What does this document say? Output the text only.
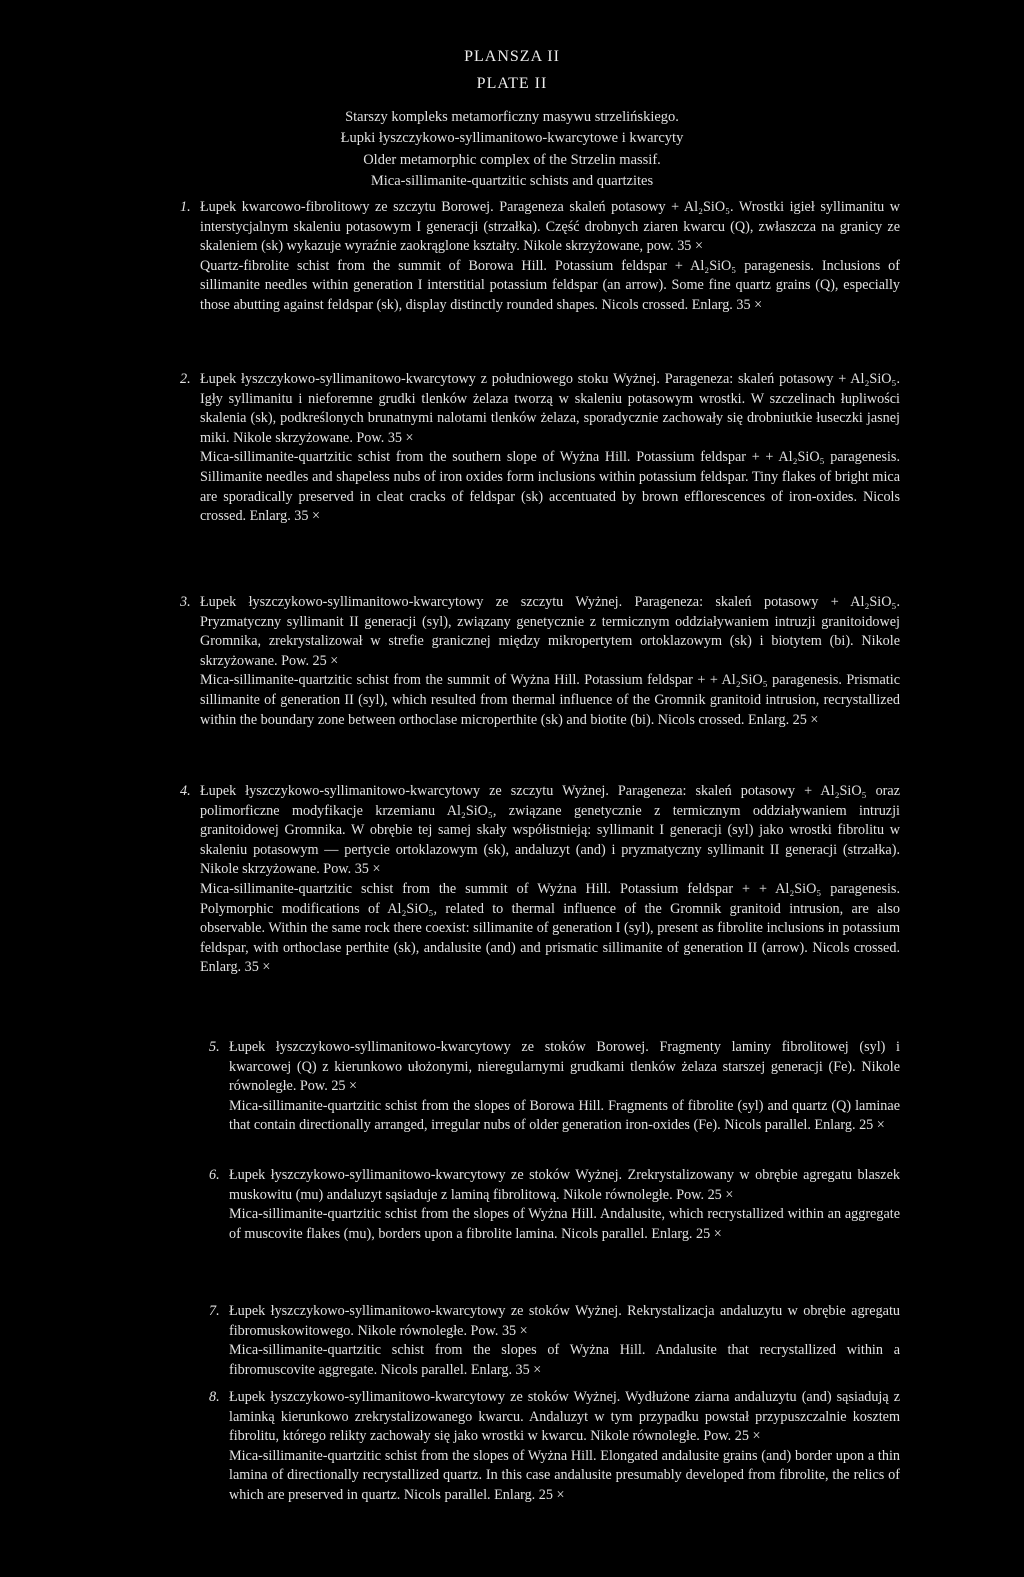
PLANSZA II
PLATE II
Starszy kompleks metamorficzny masywu strzelińskiego.
Łupki łyszczykowo-syllimanitowo-kwarcytowe i kwarcyty
Older metamorphic complex of the Strzelin massif.
Mica-sillimanite-quartzitic schists and quartzites
1. Łupek kwarcowo-fibrolitowy ze szczytu Borowej. Parageneza skaleń potasowy + Al₂SiO₅. Wrostki igieł syllimanitu w interstycjalnym skaleniu potasowym I generacji (strzałka). Część drobnych ziaren kwarcu (Q), zwłaszcza na granicy ze skaleniem (sk) wykazuje wyraźnie zaokrąglone kształty. Nikole skrzyżowane, pow. 35 ×

Quartz-fibrolite schist from the summit of Borowa Hill. Potassium feldspar + Al₂SiO₅ paragenesis. Inclusions of sillimanite needles within generation I interstitial potassium feldspar (an arrow). Some fine quartz grains (Q), especially those abutting against feldspar (sk), display distinctly rounded shapes. Nicols crossed. Enlarg. 35 ×

2. Łupek łyszczykowo-syllimanitowo-kwarcytowy z południowego stoku Wyżnej. Parageneza: skaleń potasowy + Al₂SiO₅. Igły syllimanitu i nieforemne grudki tlenków żelaza tworzą w skaleniu potasowym wrostki. W szczelinach łupliwości skalenia (sk), podkreślonych brunatnymi nalotami tlenków żelaza, sporadycznie zachowały się drobniutkie łuseczki jasnej miki. Nikole skrzyżowane. Pow. 35 ×

Mica-sillimanite-quartzitic schist from the southern slope of Wyżna Hill. Potassium feldspar + + Al₂SiO₅ paragenesis. Sillimanite needles and shapeless nubs of iron oxides form inclusions within potassium feldspar. Tiny flakes of bright mica are sporadically preserved in cleat cracks of feldspar (sk) accentuated by brown efflorescences of iron-oxides. Nicols crossed. Enlarg. 35 ×

3. Łupek łyszczykowo-syllimanitowo-kwarcytowy ze szczytu Wyżnej. Parageneza: skaleń potasowy + Al₂SiO₅. Pryzmatyczny syllimanit II generacji (syl), związany genetycznie z termicznym oddziaływaniem intruzji granitoidowej Gromnika, zrekrystalizował w strefie granicznej między mikropertytem ortoklazowym (sk) i biotytem (bi). Nikole skrzyżowane. Pow. 25 ×

Mica-sillimanite-quartzitic schist from the summit of Wyżna Hill. Potassium feldspar + + Al₂SiO₅ paragenesis. Prismatic sillimanite of generation II (syl), which resulted from thermal influence of the Gromnik granitoid intrusion, recrystallized within the boundary zone between orthoclase microperthite (sk) and biotite (bi). Nicols crossed. Enlarg. 25 ×

4. Łupek łyszczykowo-syllimanitowo-kwarcytowy ze szczytu Wyżnej. Parageneza: skaleń potasowy + Al₂SiO₅ oraz polimorficzne modyfikacje krzemianu Al₂SiO₅, związane genetycznie z termicznym oddziaływaniem intruzji granitoidowej Gromnika. W obrębie tej samej skały współistnieją: syllimanit I generacji (syl) jako wrostki fibrolitu w skaleniu potasowym — pertycie ortoklazowym (sk), andaluzyt (and) i pryzmatyczny syllimanit II generacji (strzałka). Nikole skrzyżowane. Pow. 35 ×

Mica-sillimanite-quartzitic schist from the summit of Wyżna Hill. Potassium feldspar + + Al₂SiO₅ paragenesis. Polymorphic modifications of Al₂SiO₅, related to thermal influence of the Gromnik granitoid intrusion, are also observable. Within the same rock there coexist: sillimanite of generation I (syl), present as fibrolite inclusions in potassium feldspar, with orthoclase perthite (sk), andalusite (and) and prismatic sillimanite of generation II (arrow). Nicols crossed. Enlarg. 35 ×

5. Łupek łyszczykowo-syllimanitowo-kwarcytowy ze stoków Borowej. Fragmenty laminy fibrolitowej (syl) i kwarcowej (Q) z kierunkowo ułożonymi, nieregularnymi grudkami tlenków żelaza starszej generacji (Fe). Nikole równoległe. Pow. 25 ×

Mica-sillimanite-quartzitic schist from the slopes of Borowa Hill. Fragments of fibrolite (syl) and quartz (Q) laminae that contain directionally arranged, irregular nubs of older generation iron-oxides (Fe). Nicols parallel. Enlarg. 25 ×

6. Łupek łyszczykowo-syllimanitowo-kwarcytowy ze stoków Wyżnej. Zrekrystalizowany w obrębie agregatu blaszek muskowitu (mu) andaluzyt sąsiaduje z laminą fibrolitową. Nikole równoległe. Pow. 25 ×

Mica-sillimanite-quartzitic schist from the slopes of Wyżna Hill. Andalusite, which recrystallized within an aggregate of muscovite flakes (mu), borders upon a fibrolite lamina. Nicols parallel. Enlarg. 25 ×

7. Łupek łyszczykowo-syllimanitowo-kwarcytowy ze stoków Wyżnej. Rekrystalizacja andaluzytu w obrębie agregatu fibromuskowitowego. Nikole równoległe. Pow. 35 ×

Mica-sillimanite-quartzitic schist from the slopes of Wyżna Hill. Andalusite that recrystallized within a fibromuscovite aggregate. Nicols parallel. Enlarg. 35 ×

8. Łupek łyszczykowo-syllimanitowo-kwarcytowy ze stoków Wyżnej. Wydłużone ziarna andaluzytu (and) sąsiadują z laminką kierunkowo zrekrystalizowanego kwarcu. Andaluzyt w tym przypadku powstał przypuszczalnie kosztem fibrolitu, którego relikty zachowały się jako wrostki w kwarcu. Nikole równoległe. Pow. 25 ×

Mica-sillimanite-quartzitic schist from the slopes of Wyżna Hill. Elongated andalusite grains (and) border upon a thin lamina of directionally recrystallized quartz. In this case andalusite presumably developed from fibrolite, the relics of which are preserved in quartz. Nicols parallel. Enlarg. 25 ×
